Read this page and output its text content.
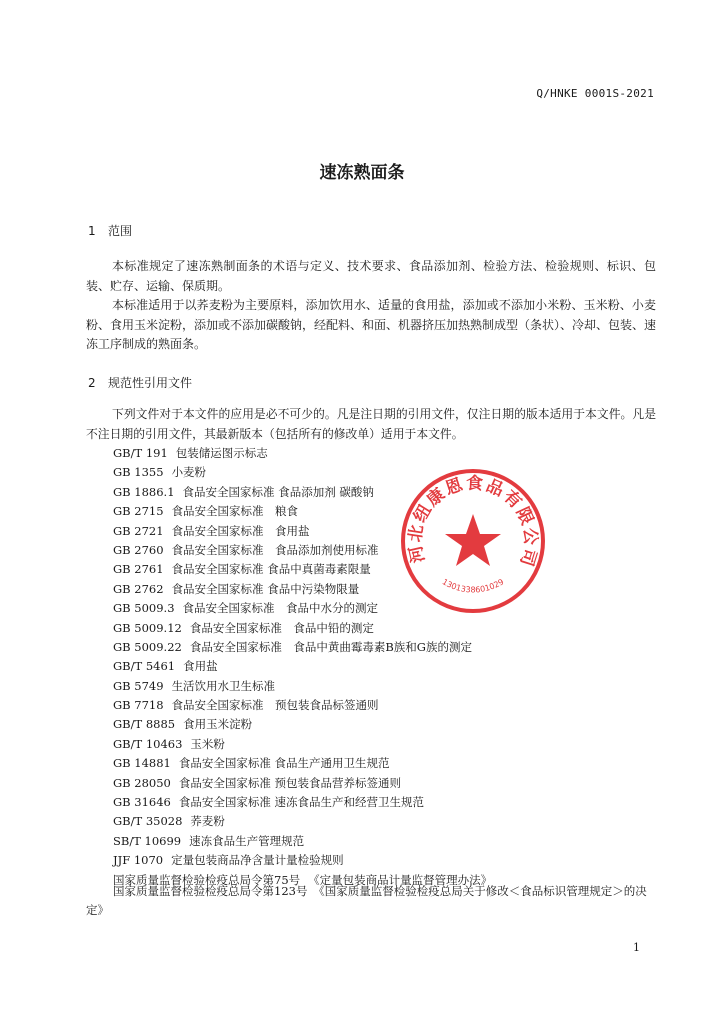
Q/HNKE 0001S-2021
速冻熟面条
1 范围
本标准规定了速冻熟制面条的术语与定义、技术要求、食品添加剂、检验方法、检验规则、标识、包装、贮存、运输、保质期。
本标准适用于以荞麦粉为主要原料，添加饮用水、适量的食用盐，添加或不添加小米粉、玉米粉、小麦粉、食用玉米淀粉，添加或不添加碳酸钠，经配料、和面、机器挤压加热熟制成型（条状）、冷却、包装、速冻工序制成的熟面条。
2 规范性引用文件
下列文件对于本文件的应用是必不可少的。凡是注日期的引用文件，仅注日期的版本适用于本文件。凡是不注日期的引用文件，其最新版本（包括所有的修改单）适用于本文件。
GB/T 191 包装储运图示标志
GB 1355 小麦粉
GB 1886.1 食品安全国家标准 食品添加剂 碳酸钠
GB 2715 食品安全国家标准　粮食
GB 2721 食品安全国家标准　食用盐
GB 2760 食品安全国家标准　食品添加剂使用标准
GB 2761 食品安全国家标准 食品中真菌毒素限量
GB 2762 食品安全国家标准 食品中污染物限量
GB 5009.3 食品安全国家标准　食品中水分的测定
GB 5009.12 食品安全国家标准　食品中铅的测定
GB 5009.22 食品安全国家标准　食品中黄曲霉毒素B族和G族的测定
GB/T 5461 食用盐
GB 5749 生活饮用水卫生标准
GB 7718 食品安全国家标准　预包装食品标签通则
GB/T 8885 食用玉米淀粉
GB/T 10463 玉米粉
GB 14881 食品安全国家标准 食品生产通用卫生规范
GB 28050 食品安全国家标准 预包装食品营养标签通则
GB 31646 食品安全国家标准 速冻食品生产和经营卫生规范
GB/T 35028 荞麦粉
SB/T 10699 速冻食品生产管理规范
JJF 1070 定量包装商品净含量计量检验规则
国家质量监督检验检疫总局令第75号 《定量包装商品计量监督管理办法》
国家质量监督检验检疫总局令第123号　《国家质量监督检验检疫总局关于修改＜食品标识管理规定＞的决定》
河北纽康恩食品有限公司
1301338601029
1
